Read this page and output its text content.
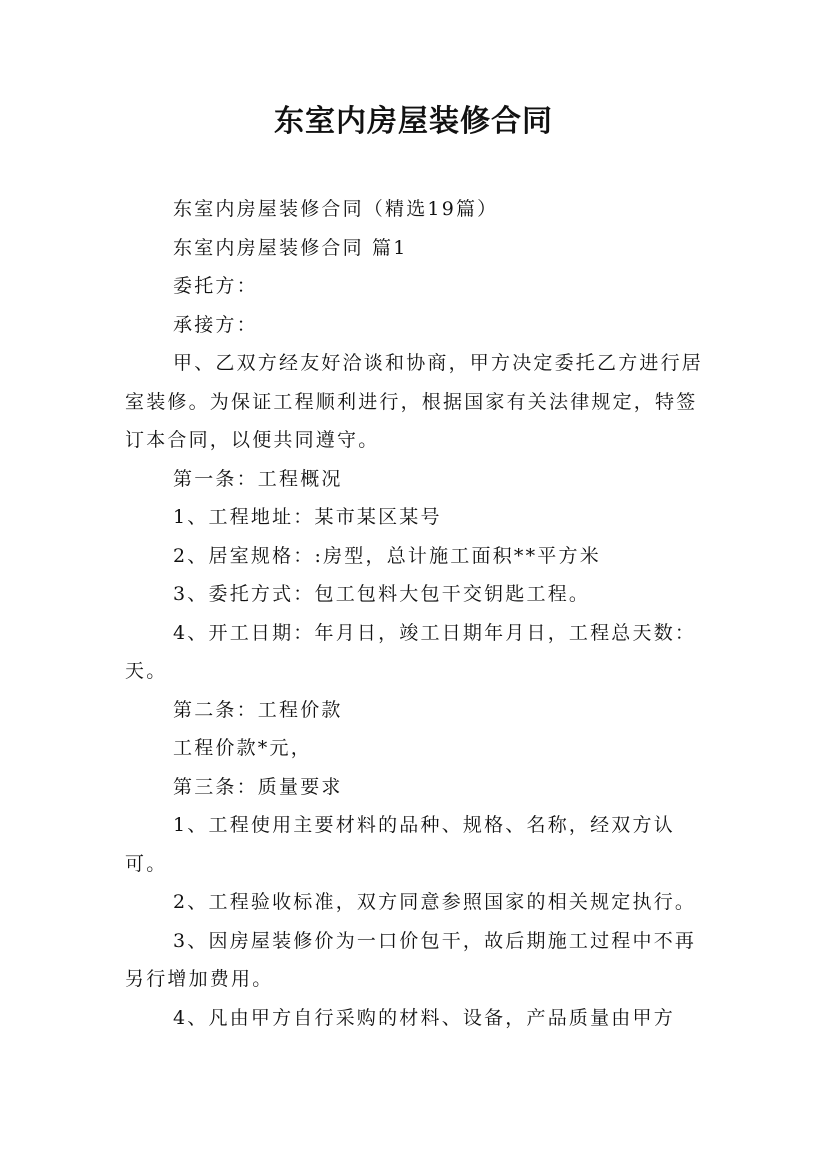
东室内房屋装修合同

东室内房屋装修合同（精选19篇）

东室内房屋装修合同 篇1

委托方：

承接方：

甲、乙双方经友好洽谈和协商，甲方决定委托乙方进行居室装修。为保证工程顺利进行，根据国家有关法律规定，特签订本合同，以便共同遵守。

第一条：工程概况

1、工程地址：某市某区某号

2、居室规格：:房型，总计施工面积**平方米

3、委托方式：包工包料大包干交钥匙工程。

4、开工日期：年月日，竣工日期年月日，工程总天数：天。

第二条：工程价款

工程价款*元，

第三条：质量要求

1、工程使用主要材料的品种、规格、名称，经双方认可。

2、工程验收标准，双方同意参照国家的相关规定执行。

3、因房屋装修价为一口价包干，故后期施工过程中不再另行增加费用。

4、凡由甲方自行采购的材料、设备，产品质量由甲方
